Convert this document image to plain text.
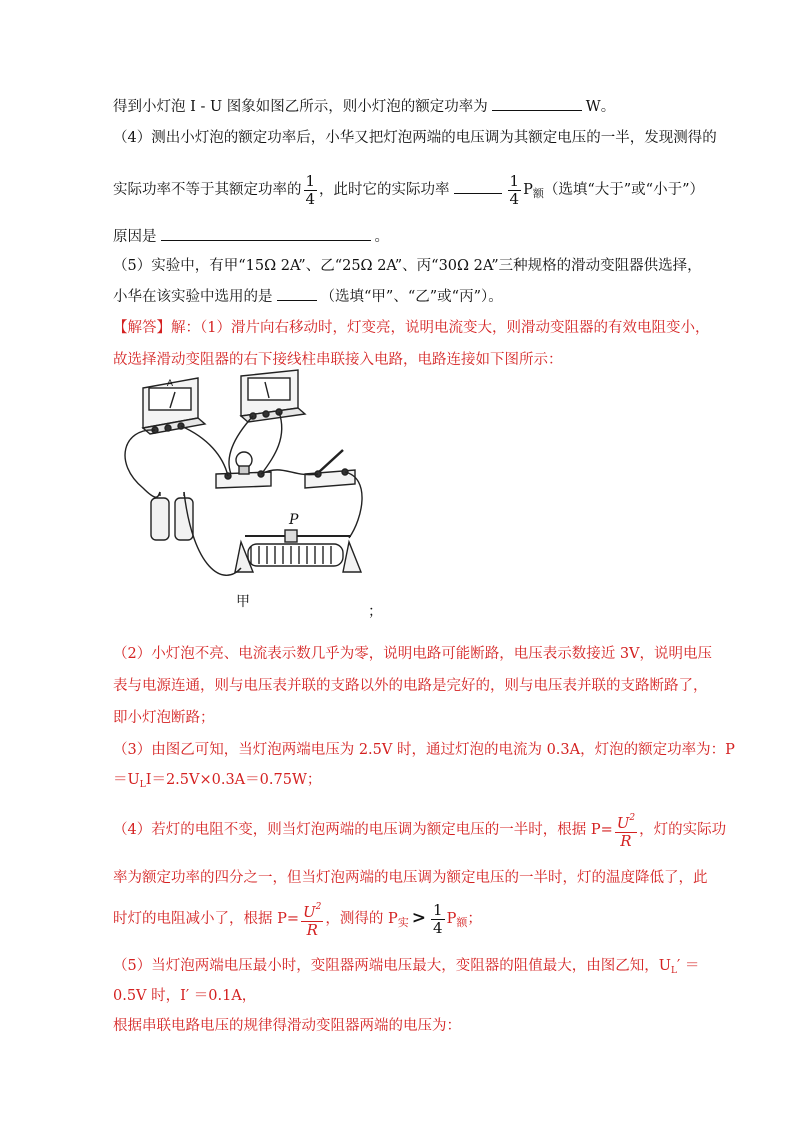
得到小灯泡 I - U 图象如图乙所示，则小灯泡的额定功率为	W。
（4）测出小灯泡的额定功率后，小华又把灯泡两端的电压调为其额定电压的一半，发现测得的
实际功率不等于其额定功率的 $\frac{1}{4}$ ，此时它的实际功率	$\frac{1}{4} P_额$（选填“大于”或“小于”）
原因是	。
（5）实验中，有甲“15Ω 2A”、乙“25Ω 2A”、丙“30Ω 2A”三种规格的滑动变阻器供选择，
小华在该实验中选用的是	（选填“甲”、“乙”或“丙”）。
【解答】解：（1）滑片向右移动时，灯变亮，说明电流变大，则滑动变阻器的有效电阻变小，
故选择滑动变阻器的右下接线柱串联接入电路，电路连接如下图所示：
P
A
甲
；
（2）小灯泡不亮、电流表示数几乎为零，说明电路可能断路，电压表示数接近 3V，说明电压
表与电源连通，则与电压表并联的支路以外的电路是完好的，则与电压表并联的支路断路了，
即小灯泡断路；
（3）由图乙可知，当灯泡两端电压为 2.5V 时，通过灯泡的电流为 0.3A，灯泡的额定功率为：P
$=U_LI=2.5V\times 0.3A=0.75W$；
（4）若灯的电阻不变，则当灯泡两端的电压调为额定电压的一半时，根据 $P= \frac{U^2}{R}$ ，灯的实际功
率为额定功率的四分之一，但当灯泡两端的电压调为额定电压的一半时，灯的温度降低了，此
时灯的电阻减小了，根据 $P= \frac{U^2}{R}$ ，测得的 $P_实 > \frac{1}{4} P_额$；
（5）当灯泡两端电压最小时，变阻器两端电压最大，变阻器的阻值最大，由图乙知，$U_L'$ ＝
0.5V 时，I′ ＝0.1A，
根据串联电路电压的规律得滑动变阻器两端的电压为：
